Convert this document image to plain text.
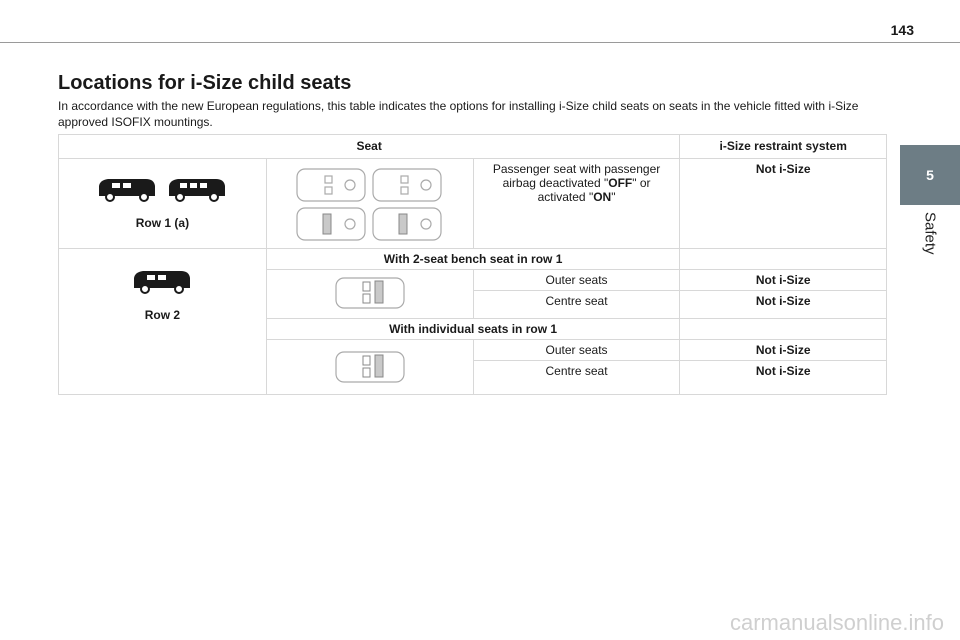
143
5
Safety
Locations for i-Size child seats

In accordance with the new European regulations, this table indicates the options for installing i-Size child seats on seats in the vehicle fitted with i-Size approved ISOFIX mountings.

Seat			i-Size restraint system

Row 1 (a)		Passenger seat with passenger airbag deactivated "OFF" or activated "ON"	Not i-Size

Row 2	With 2-seat bench seat in row 1		

	Outer seats	Not i-Size
		Centre seat	Not i-Size
	With individual seats in row 1		

	Outer seats	Not i-Size
		Centre seat	Not i-Size
carmanualsonline.info
